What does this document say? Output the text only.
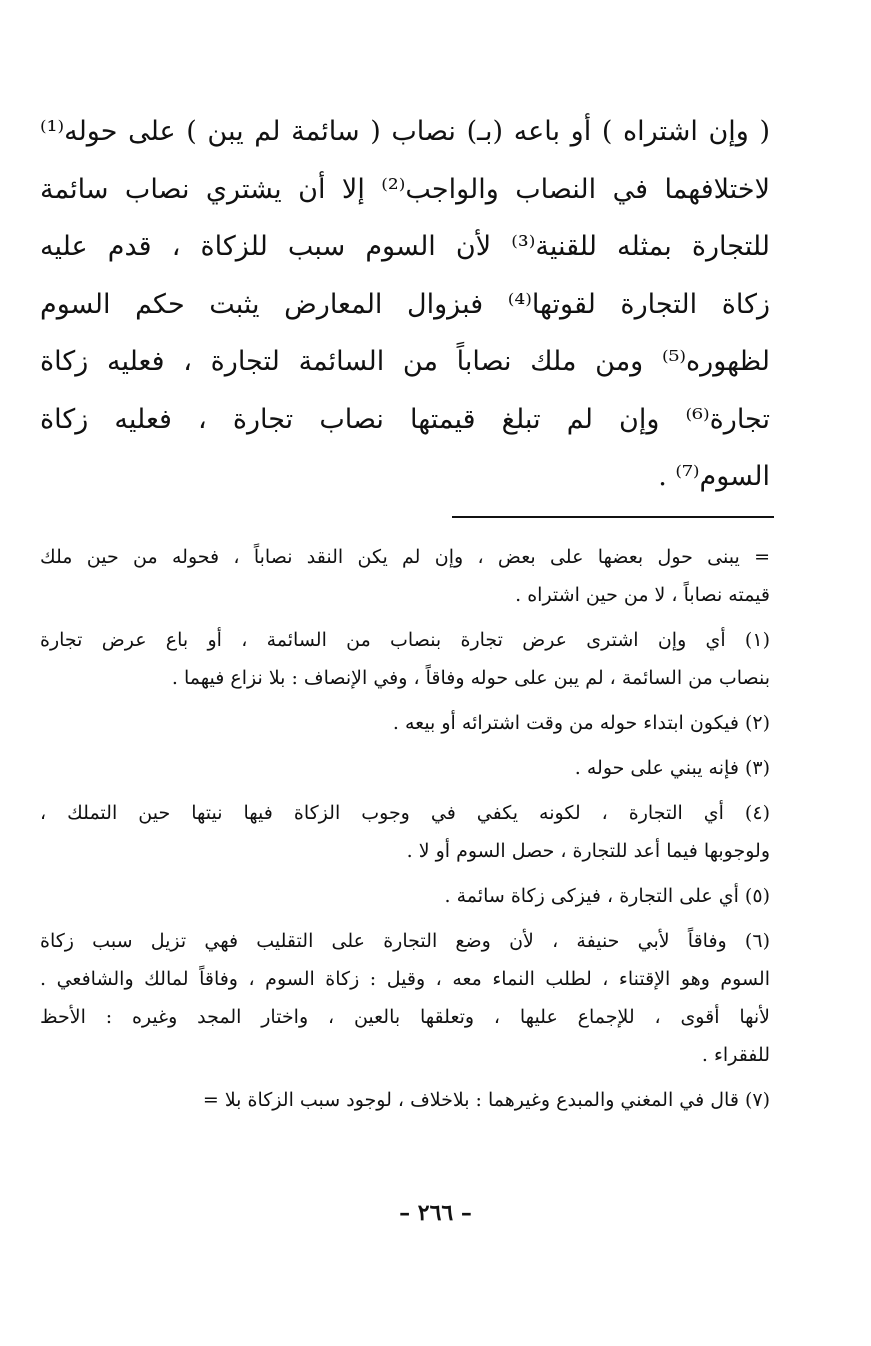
( وإن اشتراه ) أو باعه (بـ) نصاب ( سائمة لم يبن ) على حوله⁽¹⁾
لاختلافهما في النصاب والواجب⁽²⁾ إلا أن يشتري نصاب سائمة
للتجارة بمثله للقنية⁽³⁾ لأن السوم سبب للزكاة ، قدم عليه
زكاة التجارة لقوتها⁽⁴⁾ فبزوال المعارض يثبت حكم السوم
لظهوره⁽⁵⁾ ومن ملك نصاباً من السائمة لتجارة ، فعليه زكاة
تجارة⁽⁶⁾ وإن لم تبلغ قيمتها نصاب تجارة ، فعليه زكاة
السوم⁽⁷⁾ .
= يبنى حول بعضها على بعض ، وإن لم يكن النقد نصاباً ، فحوله من حين ملك
قيمته نصاباً ، لا من حين اشتراه .
(١) أي وإن اشترى عرض تجارة بنصاب من السائمة ، أو باع عرض تجارة
بنصاب من السائمة ، لم يبن على حوله وفاقاً ، وفي الإنصاف : بلا نزاع فيهما .
(٢) فيكون ابتداء حوله من وقت اشترائه أو بيعه .
(٣) فإنه يبني على حوله .
(٤) أي التجارة ، لكونه يكفي في وجوب الزكاة فيها نيتها حين التملك ،
ولوجوبها فيما أعد للتجارة ، حصل السوم أو لا .
(٥) أي على التجارة ، فيزكى زكاة سائمة .
(٦) وفاقاً لأبي حنيفة ، لأن وضع التجارة على التقليب فهي تزيل سبب زكاة
السوم وهو الإقتناء ، لطلب النماء معه ، وقيل : زكاة السوم ، وفاقاً لمالك والشافعي .
لأنها أقوى ، للإجماع عليها ، وتعلقها بالعين ، واختار المجد وغيره : الأحظ
للفقراء .
(٧) قال في المغني والمبدع وغيرهما : بلاخلاف ، لوجود سبب الزكاة بلا =
– ٢٦٦ –
